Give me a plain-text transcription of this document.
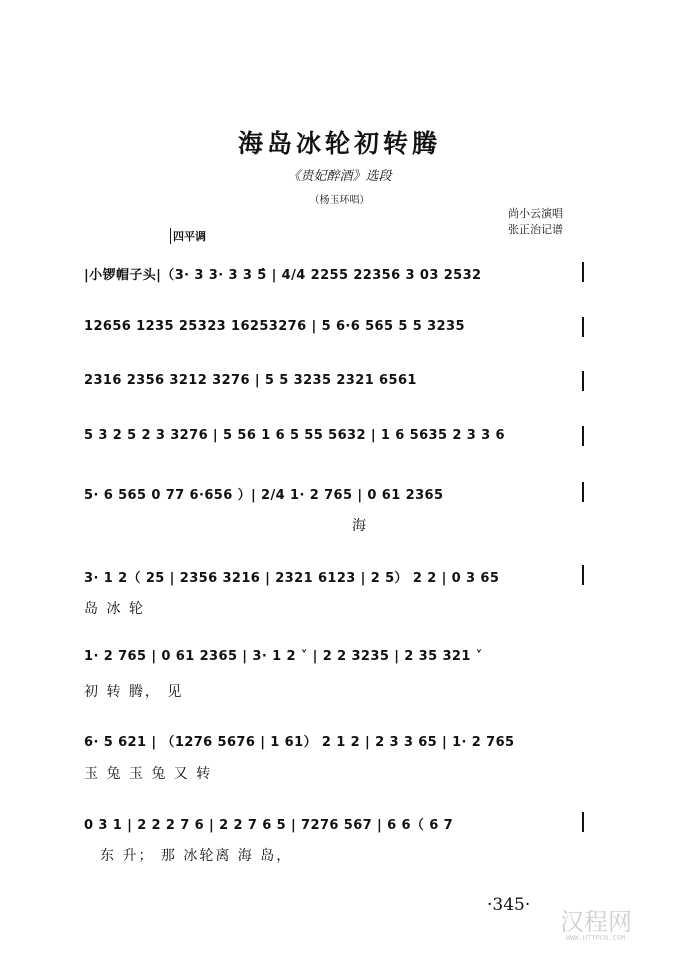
海岛冰轮初转腾
《贵妃醉酒》选段
（杨玉环唱）
尚小云演唱
张正治记谱
四平调
|小锣帽子头|（3· 3 3· 3 3 5̂ | 4/4 2255 22356 3 03 2532
12656 1235 25323 16253276 | 5 6·6 565 5 5 3235
2316 2356 3212 3276 | 5 5 3235 2321 6561
5 3 2 5 2 3 3276 | 5 56 1 6 5 55 5632 | 1 6 5635 2 3 3 6
5· 6 565 0 77 6·656 ）| 2/4 1· 2 765 | 0 61 2365
海
3· 1 2（ 25 | 2356 3216 | 2321 6123 | 2 5） 2 2 | 0 3 65
岛 冰 轮
1· 2 765 | 0 61 2365 | 3· 1 2 ˅ | 2 2 3235 | 2 35 321 ˅
初 转 腾， 见
6· 5 621 | （1276 5676 | 1 61） 2 1 2 | 2 3 3 65 | 1· 2 765
玉 兔 玉 兔 又 转
0 3 1 | 2 2 2 7 6 | 2 2 7 6 5 | 7276 567 | 6 6（ 6 7
东 升； 那 冰轮离 海 岛，
·345·
汉程网
WWW.HTTPCN.COM
